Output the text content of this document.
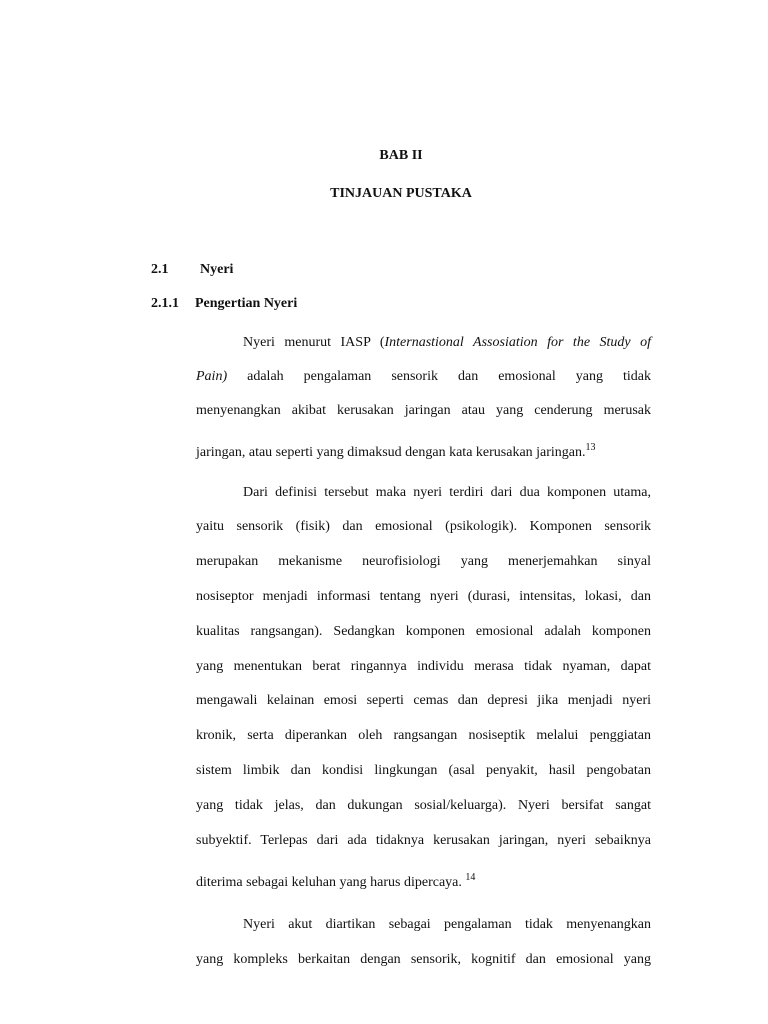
BAB II
TINJAUAN PUSTAKA
2.1 Nyeri
2.1.1 Pengertian Nyeri
Nyeri menurut IASP (Internastional Assosiation for the Study of
Pain) adalah pengalaman sensorik dan emosional yang tidak
menyenangkan akibat kerusakan jaringan atau yang cenderung merusak
jaringan, atau seperti yang dimaksud dengan kata kerusakan jaringan.$^{13}$
Dari definisi tersebut maka nyeri terdiri dari dua komponen utama,
yaitu sensorik (fisik) dan emosional (psikologik). Komponen sensorik
merupakan mekanisme neurofisiologi yang menerjemahkan sinyal
nosiseptor menjadi informasi tentang nyeri (durasi, intensitas, lokasi, dan
kualitas rangsangan). Sedangkan komponen emosional adalah komponen
yang menentukan berat ringannya individu merasa tidak nyaman, dapat
mengawali kelainan emosi seperti cemas dan depresi jika menjadi nyeri
kronik, serta diperankan oleh rangsangan nosiseptik melalui penggiatan
sistem limbik dan kondisi lingkungan (asal penyakit, hasil pengobatan
yang tidak jelas, dan dukungan sosial/keluarga). Nyeri bersifat sangat
subyektif. Terlepas dari ada tidaknya kerusakan jaringan, nyeri sebaiknya
diterima sebagai keluhan yang harus dipercaya. $^{14}$
Nyeri akut diartikan sebagai pengalaman tidak menyenangkan
yang kompleks berkaitan dengan sensorik, kognitif dan emosional yang
